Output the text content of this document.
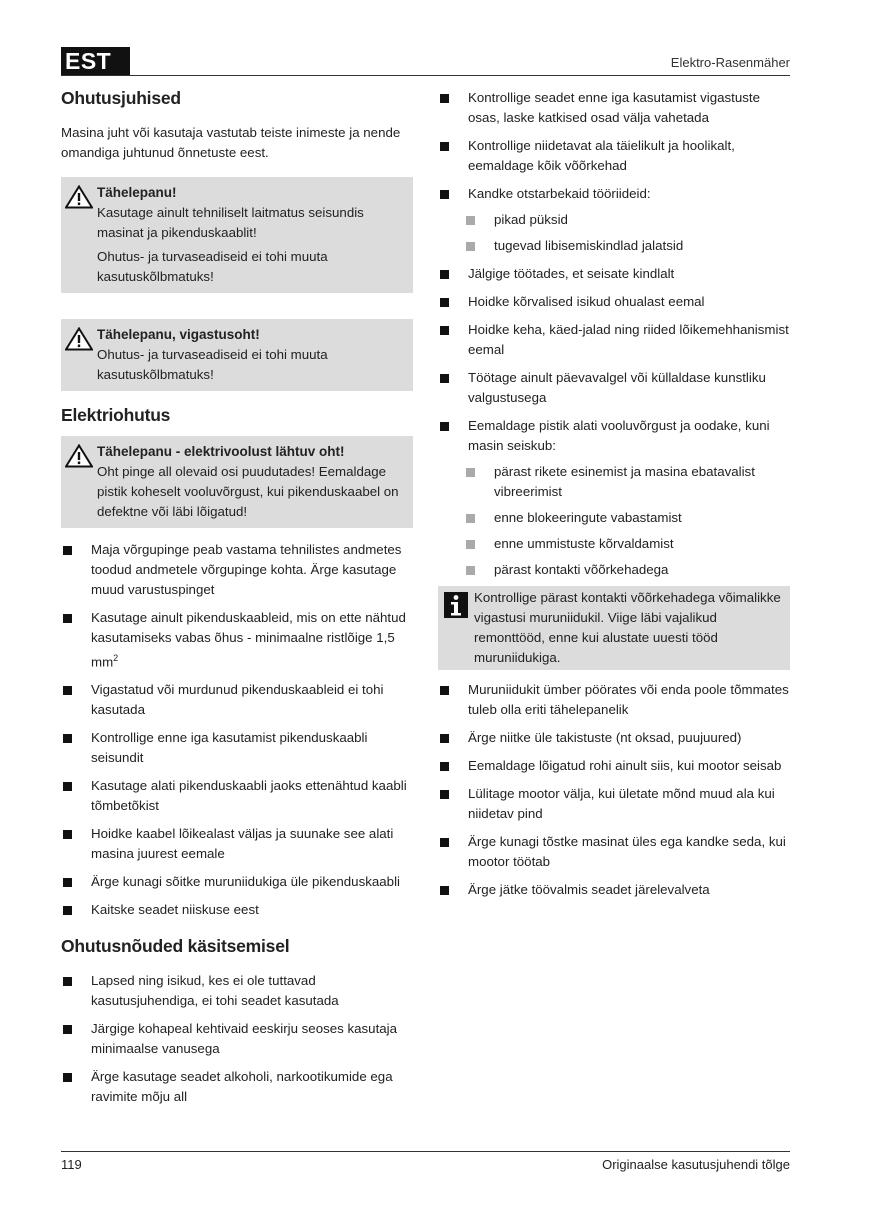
EST	Elektro-Rasenmäher
Ohutusjuhised

Masina juht või kasutaja vastutab teiste inimeste ja nende omandiga juhtunud õnnetuste eest.

Tähelepanu!
Kasutage ainult tehniliselt laitmatus seisundis masinat ja pikenduskaablit!
Ohutus- ja turvaseadiseid ei tohi muuta kasutuskõlbmatuks!
Tähelepanu, vigastusoht!
Ohutus- ja turvaseadiseid ei tohi muuta kasutuskõlbmatuks!
Elektriohutus
Tähelepanu - elektrivoolust lähtuv oht!
Oht pinge all olevaid osi puudutades! Eemaldage pistik koheselt vooluvõrgust, kui pikenduskaabel on defektne või läbi lõigatud!
Maja võrgupinge peab vastama tehnilistes andmetes toodud andmetele võrgupinge kohta. Ärge kasutage muud varustuspinget
Kasutage ainult pikenduskaableid, mis on ette nähtud kasutamiseks vabas õhus - minimaalne ristlõige 1,5 $mm^2$
Vigastatud või murdunud pikenduskaableid ei tohi kasutada
Kontrollige enne iga kasutamist pikenduskaabli seisundit
Kasutage alati pikenduskaabli jaoks ettenähtud kaabli tõmbetõkist
Hoidke kaabel lõikealast väljas ja suunake see alati masina juurest eemale
Ärge kunagi sõitke muruniidukiga üle pikenduskaabli
Kaitske seadet niiskuse eest
Ohutusnõuded käsitsemisel
Lapsed ning isikud, kes ei ole tuttavad kasutusjuhendiga, ei tohi seadet kasutada
Järgige kohapeal kehtivaid eeskirju seoses kasutaja minimaalse vanusega
Ärge kasutage seadet alkoholi, narkootikumide ega ravimite mõju all
Kontrollige seadet enne iga kasutamist vigastuste osas, laske katkised osad välja vahetada
Kontrollige niidetavat ala täielikult ja hoolikalt, eemaldage kõik võõrkehad
Kandke otstarbekaid tööriideid:
pikad püksid
tugevad libisemiskindlad jalatsid
Jälgige töötades, et seisate kindlalt
Hoidke kõrvalised isikud ohualast eemal
Hoidke keha, käed-jalad ning riided lõikemehhanismist eemal
Töötage ainult päevavalgel või küllaldase kunstliku valgustusega
Eemaldage pistik alati vooluvõrgust ja oodake, kuni masin seiskub:
pärast rikete esinemist ja masina ebatavalist vibreerimist
enne blokeeringute vabastamist
enne ummistuste kõrvaldamist
pärast kontakti võõrkehadega
Kontrollige pärast kontakti võõrkehadega võimalikke vigastusi muruniidukil. Viige läbi vajalikud remonttööd, enne kui alustate uuesti tööd muruniidukiga.
Muruniidukit ümber pöörates või enda poole tõmmates tuleb olla eriti tähelepanelik
Ärge niitke üle takistuste (nt oksad, puujuured)
Eemaldage lõigatud rohi ainult siis, kui mootor seisab
Lülitage mootor välja, kui ületate mõnd muud ala kui niidetav pind
Ärge kunagi tõstke masinat üles ega kandke seda, kui mootor töötab
Ärge jätke töövalmis seadet järelevalveta
119	Originaalse kasutusjuhendi tõlge
